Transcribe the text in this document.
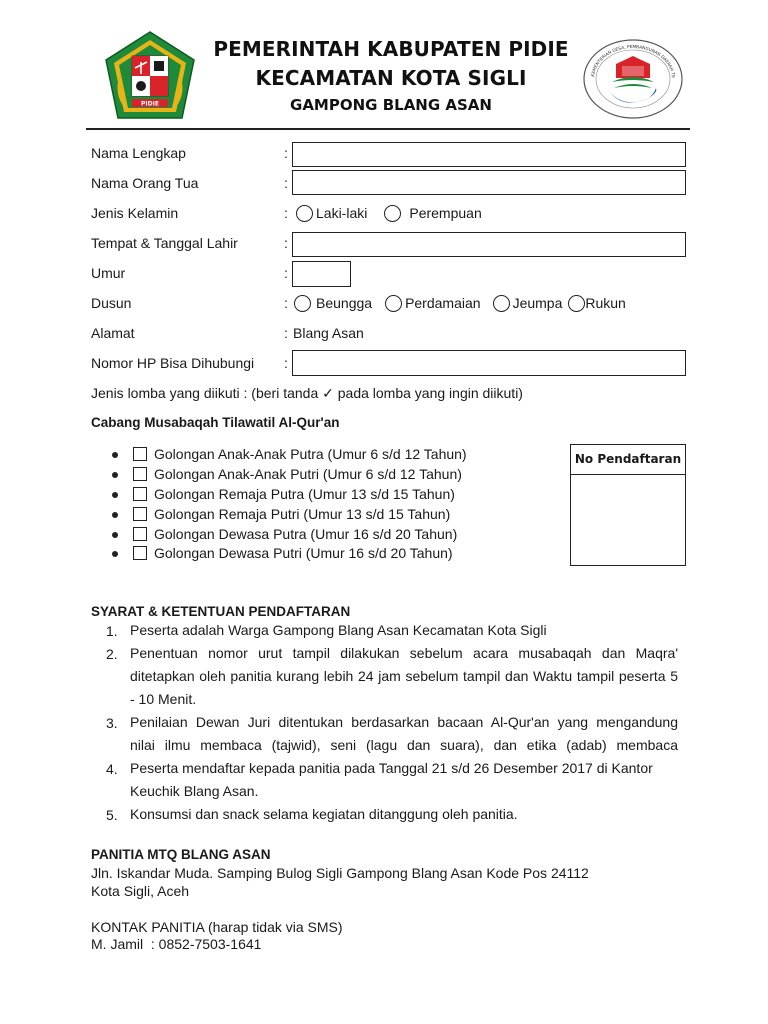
PIDIE
PEMERINTAH KABUPATEN PIDIE
KECAMATAN KOTA SIGLI
GAMPONG BLANG ASAN
KEMENTERIAN DESA, PEMBANGUNAN DAERAH TE
Nama Lengkap	:
Nama Orang Tua	:
Jenis Kelamin	: Laki-laki	Perempuan
Tempat & Tanggal Lahir	:
Umur	:
Dusun	: Beungga Perdamaian Jeumpa Rukun
Alamat	: Blang Asan
Nomor HP Bisa Dihubungi :
Jenis lomba yang diikuti : (beri tanda ✓ pada lomba yang ingin diikuti)
Cabang Musabaqah Tilawatil Al-Qur'an
Golongan Anak-Anak Putra (Umur 6 s/d 12 Tahun)
Golongan Anak-Anak Putri (Umur 6 s/d 12 Tahun)
Golongan Remaja Putra (Umur 13 s/d 15 Tahun)
Golongan Remaja Putri (Umur 13 s/d 15 Tahun)
Golongan Dewasa Putra (Umur 16 s/d 20 Tahun)
Golongan Dewasa Putri (Umur 16 s/d 20 Tahun)
No Pendaftaran
SYARAT & KETENTUAN PENDAFTARAN
1. Peserta adalah Warga Gampong Blang Asan Kecamatan Kota Sigli
2. Penentuan nomor urut tampil dilakukan sebelum acara musabaqah dan Maqra'
ditetapkan oleh panitia kurang lebih 24 jam sebelum tampil dan Waktu tampil peserta 5
- 10 Menit.
3. Penilaian Dewan Juri ditentukan berdasarkan bacaan Al-Qur'an yang mengandung
nilai ilmu membaca (tajwid), seni (lagu dan suara), dan etika (adab) membaca
4. Peserta mendaftar kepada panitia pada Tanggal 21 s/d 26 Desember 2017 di Kantor
Keuchik Blang Asan.
5. Konsumsi dan snack selama kegiatan ditanggung oleh panitia.
PANITIA MTQ BLANG ASAN
Jln. Iskandar Muda. Samping Bulog Sigli Gampong Blang Asan Kode Pos 24112
Kota Sigli, Aceh
KONTAK PANITIA (harap tidak via SMS)
M. Jamil  : 0852-7503-1641
